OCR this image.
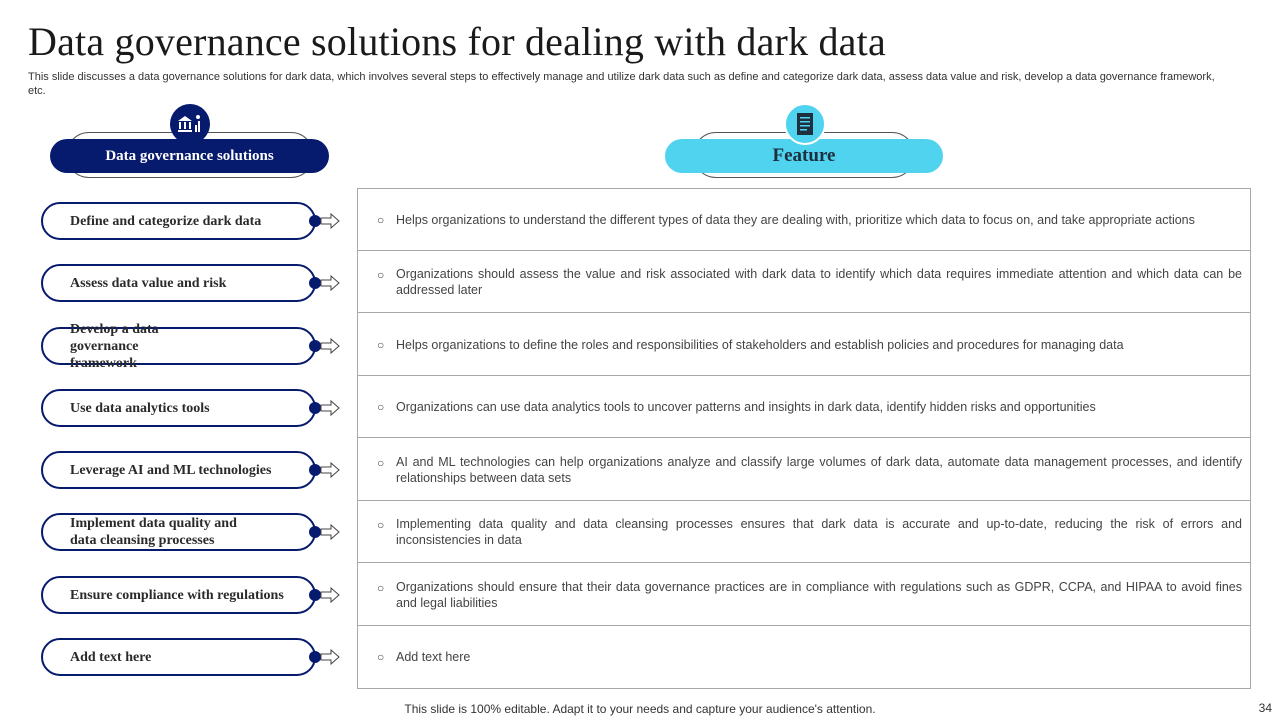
Data governance solutions for dealing with dark data
This slide discusses a data governance solutions for dark data, which involves several steps to effectively manage and utilize dark data such as define and categorize dark data, assess data value and risk, develop a data governance framework, etc.
Data governance solutions	Feature
Define and categorize dark data
Assess data value and risk
Develop a data governance framework
Use data analytics tools
Leverage AI and ML technologies
Implement data quality and data cleansing processes
Ensure compliance with regulations
Add text here
○ Helps organizations to understand the different types of data they are dealing with, prioritize which data to focus on, and take appropriate actions
○ Organizations should assess the value and risk associated with dark data to identify which data requires immediate attention and which data can be addressed later
○ Helps organizations to define the roles and responsibilities of stakeholders and establish policies and procedures for managing data
○ Organizations can use data analytics tools to uncover patterns and insights in dark data, identify hidden risks and opportunities
○ AI and ML technologies can help organizations analyze and classify large volumes of dark data, automate data management processes, and identify relationships between data sets
○ Implementing data quality and data cleansing processes ensures that dark data is accurate and up-to-date, reducing the risk of errors and inconsistencies in data
○ Organizations should ensure that their data governance practices are in compliance with regulations such as GDPR, CCPA, and HIPAA to avoid fines and legal liabilities
○ Add text here
This slide is 100% editable. Adapt it to your needs and capture your audience's attention.	34
